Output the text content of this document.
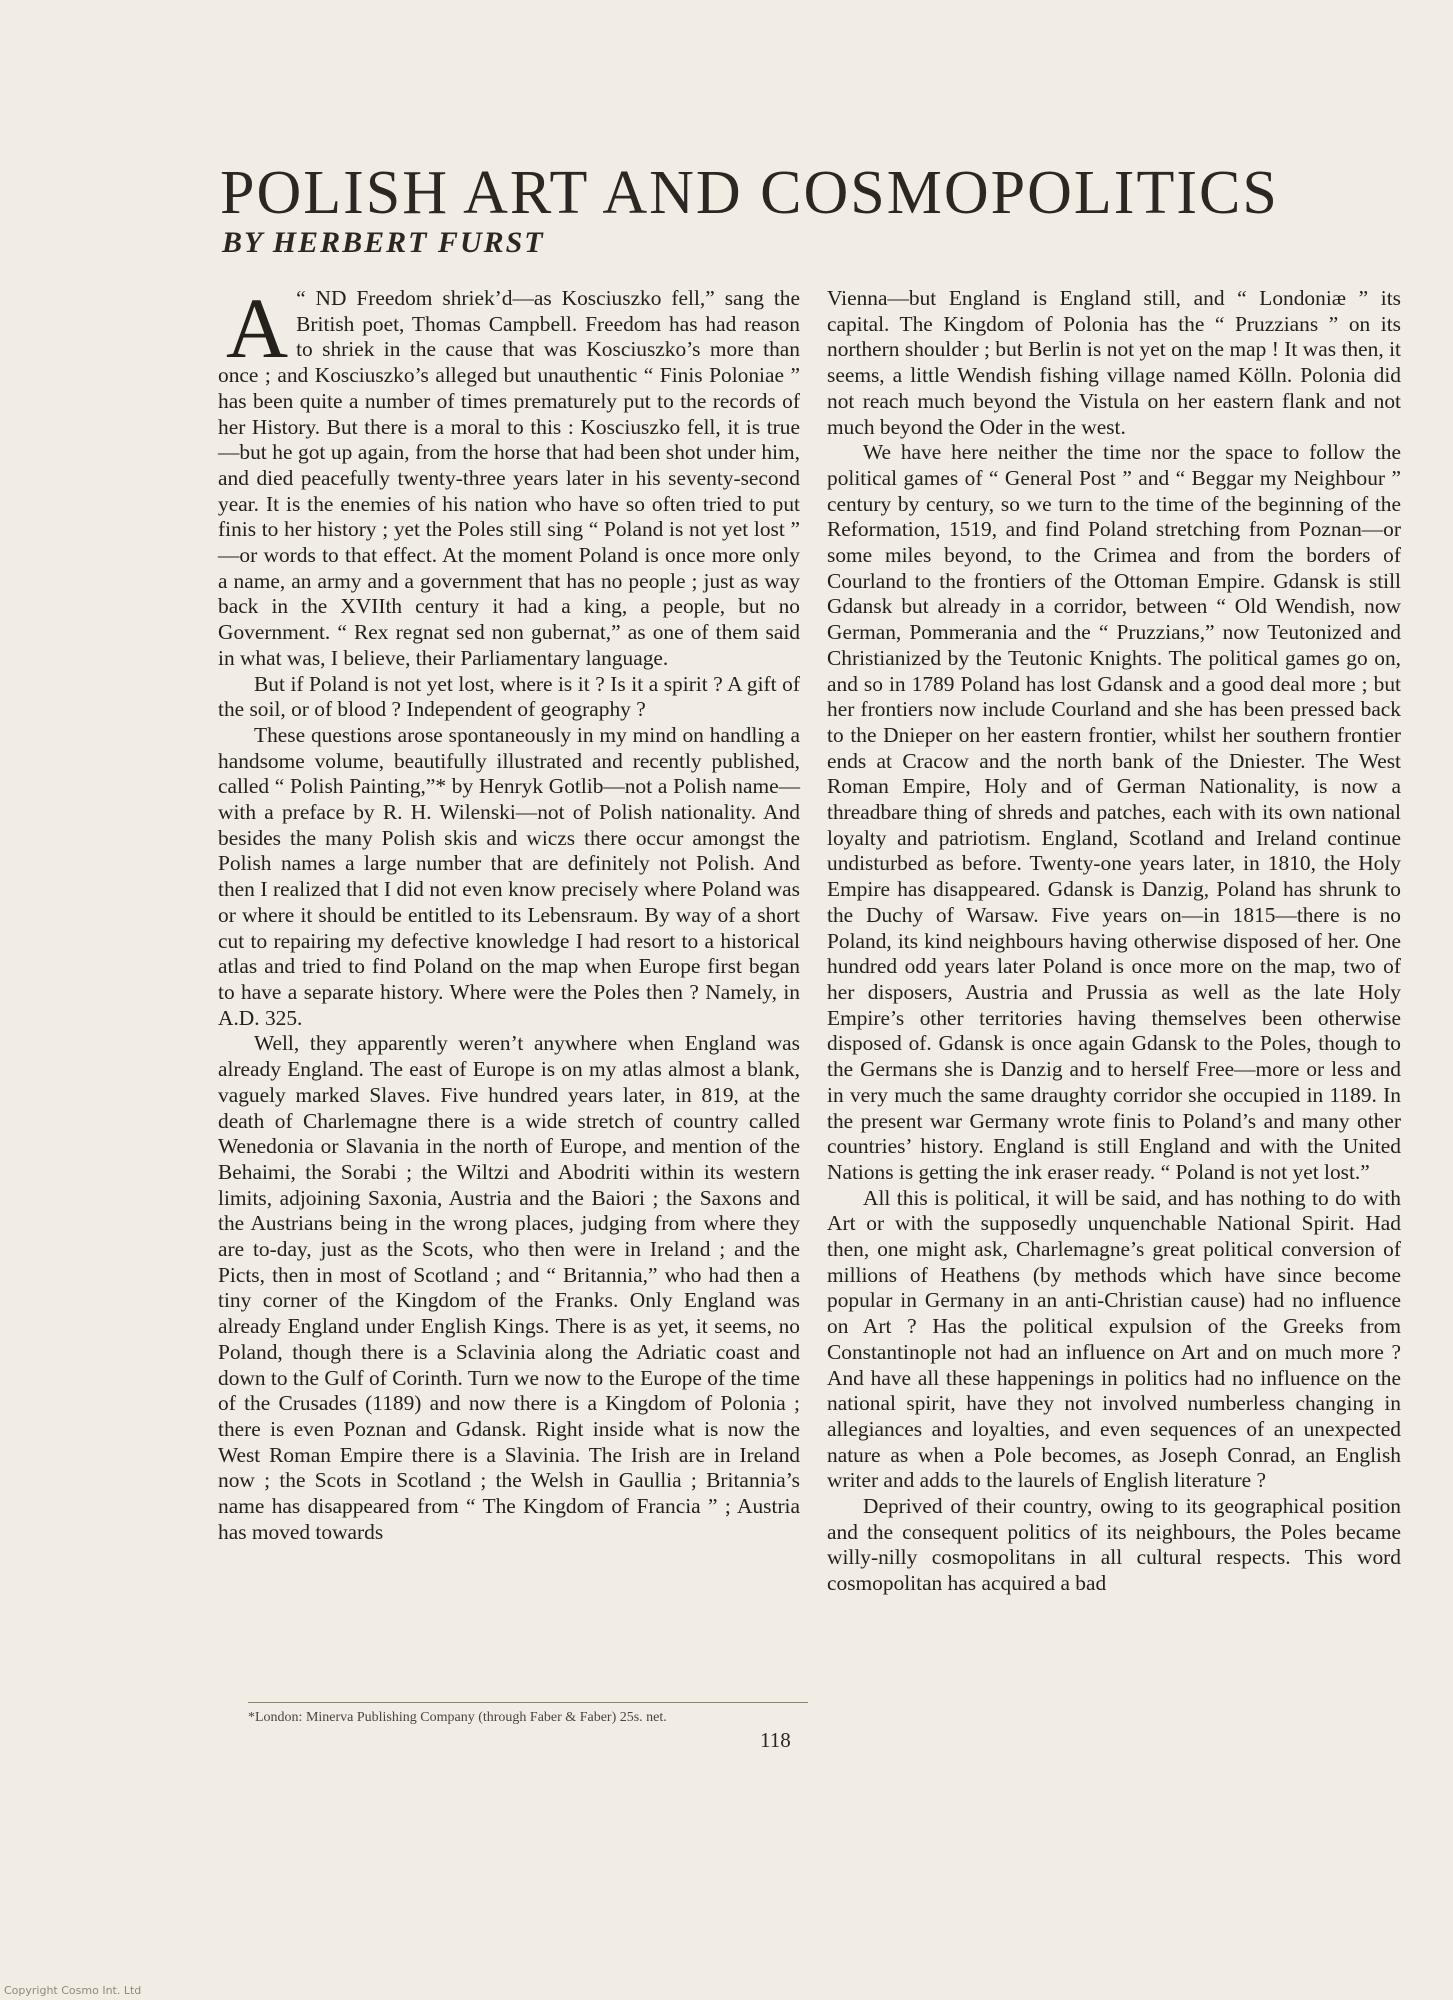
POLISH ART AND COSMOPOLITICS
BY HERBERT FURST

A “ ND Freedom shriek’d—as Kosciuszko fell,” sang the British poet, Thomas Campbell. Freedom has had reason to shriek in the cause that was Kosciuszko’s more than once ; and Kosciuszko’s alleged but unauthentic “ Finis Poloniae ” has been quite a number of times prematurely put to the records of her History. But there is a moral to this : Kosciuszko fell, it is true—but he got up again, from the horse that had been shot under him, and died peacefully twenty-three years later in his seventy-second year. It is the enemies of his nation who have so often tried to put finis to her history ; yet the Poles still sing “ Poland is not yet lost ” —or words to that effect. At the moment Poland is once more only a name, an army and a government that has no people ; just as way back in the XVIIth century it had a king, a people, but no Government. “ Rex regnat sed non gubernat,” as one of them said in what was, I believe, their Parliamentary language.

But if Poland is not yet lost, where is it ? Is it a spirit ? A gift of the soil, or of blood ? Independent of geography ?

These questions arose spontaneously in my mind on handling a handsome volume, beautifully illustrated and recently published, called “ Polish Painting,”* by Henryk Gotlib—not a Polish name—with a preface by R. H. Wilenski—not of Polish nationality. And besides the many Polish skis and wiczs there occur amongst the Polish names a large number that are definitely not Polish. And then I realized that I did not even know precisely where Poland was or where it should be entitled to its Lebensraum. By way of a short cut to repairing my defective knowledge I had resort to a historical atlas and tried to find Poland on the map when Europe first began to have a separate history. Where were the Poles then ? Namely, in A.D. 325.

Well, they apparently weren’t anywhere when England was already England. The east of Europe is on my atlas almost a blank, vaguely marked Slaves. Five hundred years later, in 819, at the death of Charlemagne there is a wide stretch of country called Wenedonia or Slavania in the north of Europe, and mention of the Behaimi, the Sorabi ; the Wiltzi and Abodriti within its western limits, adjoining Saxonia, Austria and the Baiori ; the Saxons and the Austrians being in the wrong places, judging from where they are to-day, just as the Scots, who then were in Ireland ; and the Picts, then in most of Scotland ; and “ Britannia,” who had then a tiny corner of the Kingdom of the Franks. Only England was already England under English Kings. There is as yet, it seems, no Poland, though there is a Sclavinia along the Adriatic coast and down to the Gulf of Corinth. Turn we now to the Europe of the time of the Crusades (1189) and now there is a Kingdom of Polonia ; there is even Poznan and Gdansk. Right inside what is now the West Roman Empire there is a Slavinia. The Irish are in Ireland now ; the Scots in Scotland ; the Welsh in Gaullia ; Britannia’s name has disappeared from “ The Kingdom of Francia ” ; Austria has moved towards

Vienna—but England is England still, and “ Londoniæ ” its capital. The Kingdom of Polonia has the “ Pruzzians ” on its northern shoulder ; but Berlin is not yet on the map ! It was then, it seems, a little Wendish fishing village named Kölln. Polonia did not reach much beyond the Vistula on her eastern flank and not much beyond the Oder in the west.

We have here neither the time nor the space to follow the political games of “ General Post ” and “ Beggar my Neighbour ” century by century, so we turn to the time of the beginning of the Reformation, 1519, and find Poland stretching from Poznan—or some miles beyond, to the Crimea and from the borders of Courland to the frontiers of the Ottoman Empire. Gdansk is still Gdansk but already in a corridor, between “ Old Wendish, now German, Pommerania and the “ Pruzzians,” now Teutonized and Christianized by the Teutonic Knights. The political games go on, and so in 1789 Poland has lost Gdansk and a good deal more ; but her frontiers now include Courland and she has been pressed back to the Dnieper on her eastern frontier, whilst her southern frontier ends at Cracow and the north bank of the Dniester. The West Roman Empire, Holy and of German Nationality, is now a threadbare thing of shreds and patches, each with its own national loyalty and patriotism. England, Scotland and Ireland continue undisturbed as before. Twenty-one years later, in 1810, the Holy Empire has disappeared. Gdansk is Danzig, Poland has shrunk to the Duchy of Warsaw. Five years on—in 1815—there is no Poland, its kind neighbours having otherwise disposed of her. One hundred odd years later Poland is once more on the map, two of her disposers, Austria and Prussia as well as the late Holy Empire’s other territories having themselves been otherwise disposed of. Gdansk is once again Gdansk to the Poles, though to the Germans she is Danzig and to herself Free—more or less and in very much the same draughty corridor she occupied in 1189. In the present war Germany wrote finis to Poland’s and many other countries’ history. England is still England and with the United Nations is getting the ink eraser ready. “ Poland is not yet lost.”

All this is political, it will be said, and has nothing to do with Art or with the supposedly unquenchable National Spirit. Had then, one might ask, Charlemagne’s great political conversion of millions of Heathens (by methods which have since become popular in Germany in an anti-Christian cause) had no influence on Art ? Has the political expulsion of the Greeks from Constantinople not had an influence on Art and on much more ? And have all these happenings in politics had no influence on the national spirit, have they not involved numberless changing in allegiances and loyalties, and even sequences of an unexpected nature as when a Pole becomes, as Joseph Conrad, an English writer and adds to the laurels of English literature ?

Deprived of their country, owing to its geographical position and the consequent politics of its neighbours, the Poles became willy-nilly cosmopolitans in all cultural respects. This word cosmopolitan has acquired a bad

*London: Minerva Publishing Company (through Faber & Faber) 25s. net.
118
Copyright Cosmo Int. Ltd
